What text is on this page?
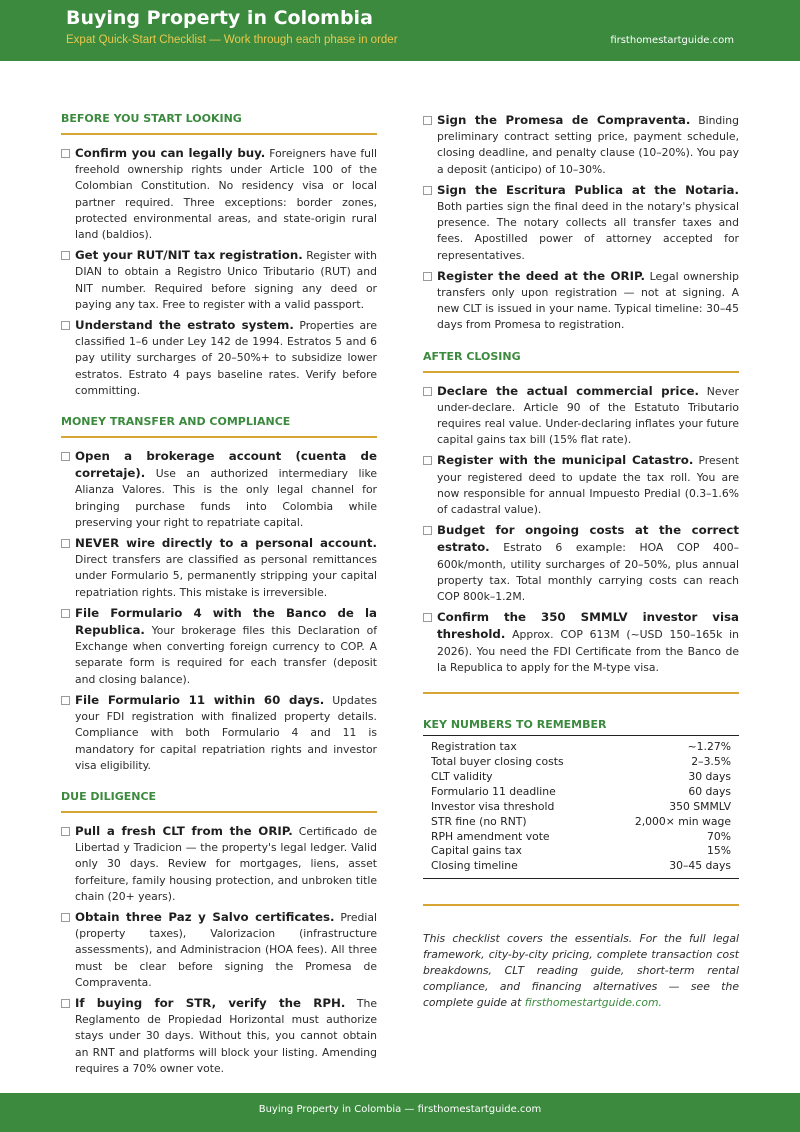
Buying Property in Colombia
Expat Quick-Start Checklist — Work through each phase in order	firsthomestartguide.com
BEFORE YOU START LOOKING
Confirm you can legally buy. Foreigners have full freehold ownership rights under Article 100 of the Colombian Constitution. No residency visa or local partner required. Three exceptions: border zones, protected environmental areas, and state-origin rural land (baldios).
Get your RUT/NIT tax registration. Register with DIAN to obtain a Registro Unico Tributario (RUT) and NIT number. Required before signing any deed or paying any tax. Free to register with a valid passport.
Understand the estrato system. Properties are classified 1–6 under Ley 142 de 1994. Estratos 5 and 6 pay utility surcharges of 20–50%+ to subsidize lower estratos. Estrato 4 pays baseline rates. Verify before committing.
MONEY TRANSFER AND COMPLIANCE
Open a brokerage account (cuenta de corretaje). Use an authorized intermediary like Alianza Valores. This is the only legal channel for bringing purchase funds into Colombia while preserving your right to repatriate capital.
NEVER wire directly to a personal account. Direct transfers are classified as personal remittances under Formulario 5, permanently stripping your capital repatriation rights. This mistake is irreversible.
File Formulario 4 with the Banco de la Republica. Your brokerage files this Declaration of Exchange when converting foreign currency to COP. A separate form is required for each transfer (deposit and closing balance).
File Formulario 11 within 60 days. Updates your FDI registration with finalized property details. Compliance with both Formulario 4 and 11 is mandatory for capital repatriation rights and investor visa eligibility.
DUE DILIGENCE
Pull a fresh CLT from the ORIP. Certificado de Libertad y Tradicion — the property's legal ledger. Valid only 30 days. Review for mortgages, liens, asset forfeiture, family housing protection, and unbroken title chain (20+ years).
Obtain three Paz y Salvo certificates. Predial (property taxes), Valorizacion (infrastructure assessments), and Administracion (HOA fees). All three must be clear before signing the Promesa de Compraventa.
If buying for STR, verify the RPH. The Reglamento de Propiedad Horizontal must authorize stays under 30 days. Without this, you cannot obtain an RNT and platforms will block your listing. Amending requires a 70% owner vote.
Sign the Promesa de Compraventa. Binding preliminary contract setting price, payment schedule, closing deadline, and penalty clause (10–20%). You pay a deposit (anticipo) of 10–30%.
Sign the Escritura Publica at the Notaria. Both parties sign the final deed in the notary's physical presence. The notary collects all transfer taxes and fees. Apostilled power of attorney accepted for representatives.
Register the deed at the ORIP. Legal ownership transfers only upon registration — not at signing. A new CLT is issued in your name. Typical timeline: 30–45 days from Promesa to registration.
AFTER CLOSING
Declare the actual commercial price. Never under-declare. Article 90 of the Estatuto Tributario requires real value. Under-declaring inflates your future capital gains tax bill (15% flat rate).
Register with the municipal Catastro. Present your registered deed to update the tax roll. You are now responsible for annual Impuesto Predial (0.3–1.6% of cadastral value).
Budget for ongoing costs at the correct estrato. Estrato 6 example: HOA COP 400–600k/month, utility surcharges of 20–50%, plus annual property tax. Total monthly carrying costs can reach COP 800k–1.2M.
Confirm the 350 SMMLV investor visa threshold. Approx. COP 613M (~USD 150–165k in 2026). You need the FDI Certificate from the Banco de la Republica to apply for the M-type visa.
KEY NUMBERS TO REMEMBER
Registration tax	~1.27%
Total buyer closing costs	2–3.5%
CLT validity	30 days
Formulario 11 deadline	60 days
Investor visa threshold	350 SMMLV
STR fine (no RNT)	2,000× min wage
RPH amendment vote	70%
Capital gains tax	15%
Closing timeline	30–45 days
This checklist covers the essentials. For the full legal framework, city-by-city pricing, complete transaction cost breakdowns, CLT reading guide, short-term rental compliance, and financing alternatives — see the complete guide at firsthomestartguide.com.
Buying Property in Colombia — firsthomestartguide.com
